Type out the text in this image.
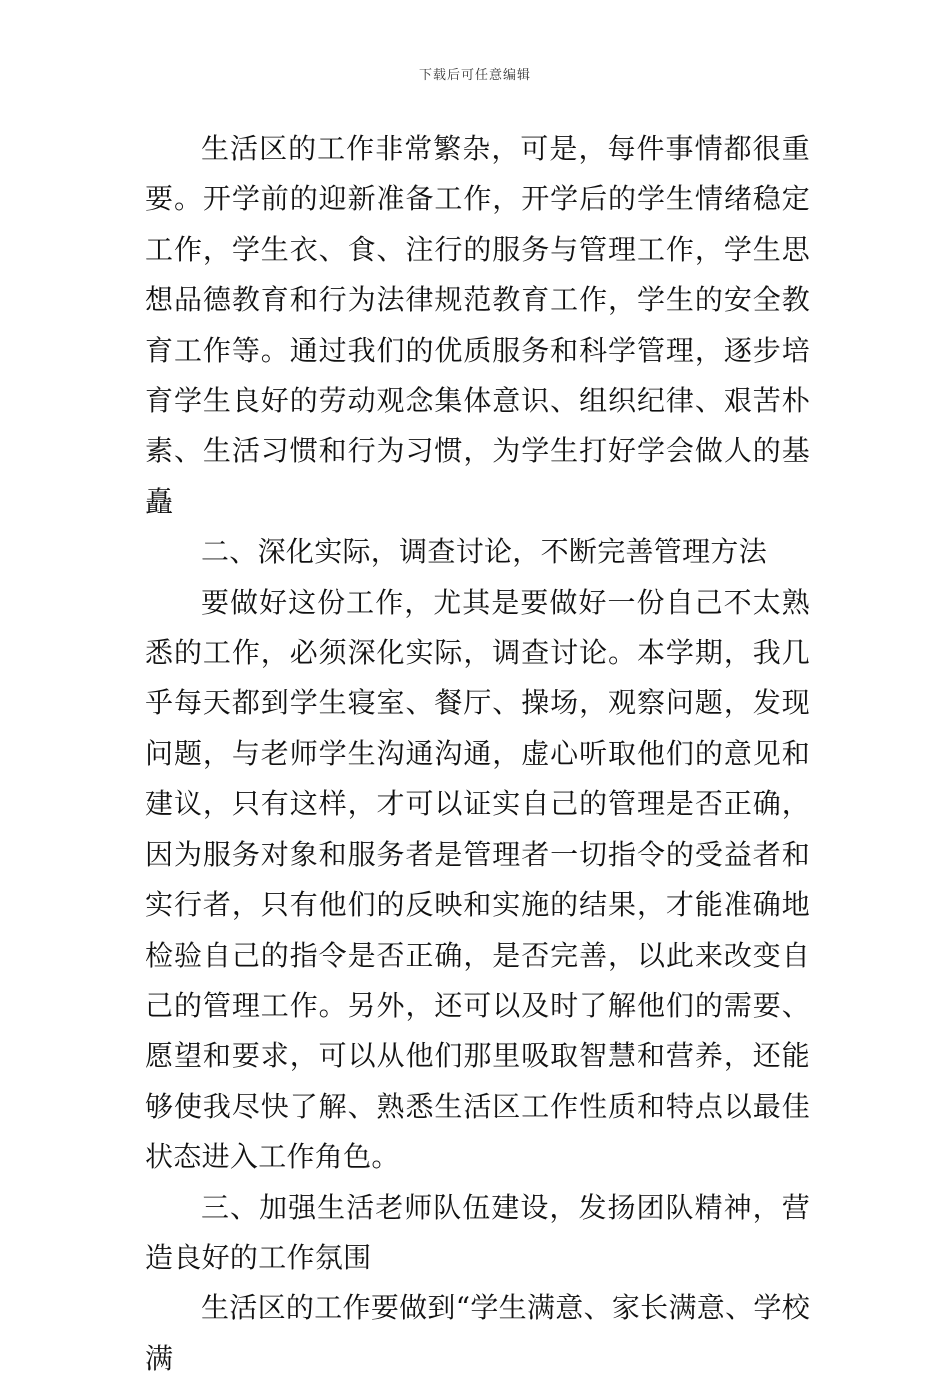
下载后可任意编辑

生活区的工作非常繁杂，可是，每件事情都很重要。开学前的迎新准备工作，开学后的学生情绪稳定工作，学生衣、食、注行的服务与管理工作，学生思想品德教育和行为法律规范教育工作，学生的安全教育工作等。通过我们的优质服务和科学管理，逐步培育学生良好的劳动观念集体意识、组织纪律、艰苦朴素、生活习惯和行为习惯，为学生打好学会做人的基矗

二、深化实际，调查讨论，不断完善管理方法

要做好这份工作，尤其是要做好一份自己不太熟悉的工作，必须深化实际，调查讨论。本学期，我几乎每天都到学生寝室、餐厅、操场，观察问题，发现问题，与老师学生沟通沟通，虚心听取他们的意见和建议，只有这样，才可以证实自己的管理是否正确，因为服务对象和服务者是管理者一切指令的受益者和实行者，只有他们的反映和实施的结果，才能准确地检验自己的指令是否正确，是否完善，以此来改变自己的管理工作。另外，还可以及时了解他们的需要、愿望和要求，可以从他们那里吸取智慧和营养，还能够使我尽快了解、熟悉生活区工作性质和特点以最佳状态进入工作角色。

三、加强生活老师队伍建设，发扬团队精神，营造良好的工作氛围

生活区的工作要做到“学生满意、家长满意、学校满
